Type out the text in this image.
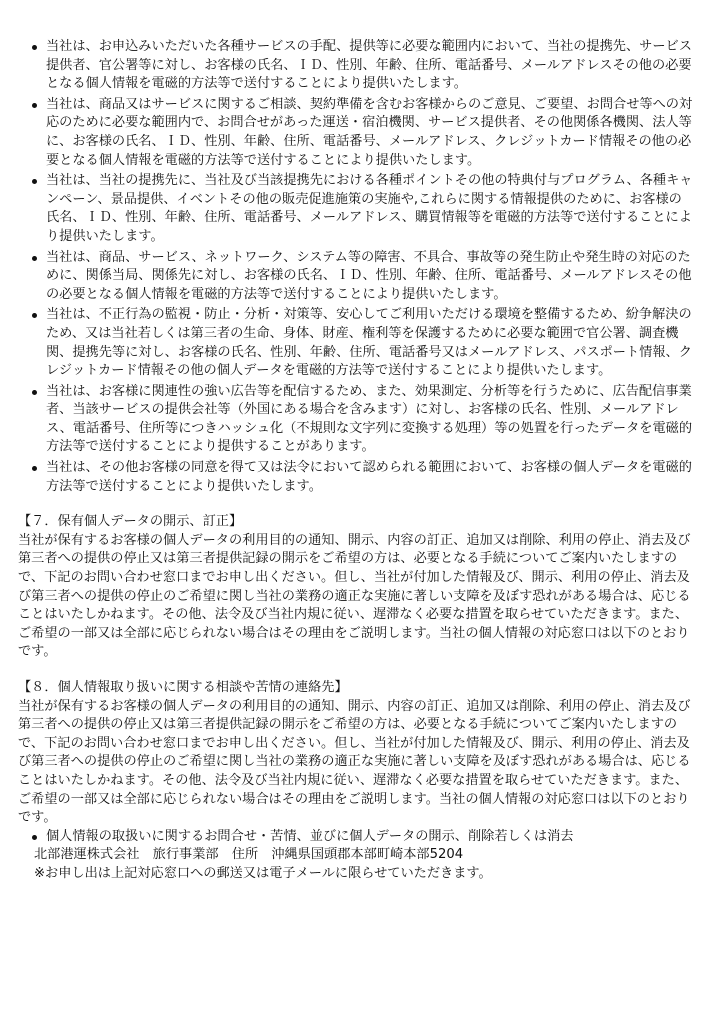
当社は、お申込みいただいた各種サービスの手配、提供等に必要な範囲内において、当社の提携先、サービス提供者、官公署等に対し、お客様の氏名、ＩＤ、性別、年齢、住所、電話番号、メールアドレスその他の必要となる個人情報を電磁的方法等で送付することにより提供いたします。
当社は、商品又はサービスに関するご相談、契約準備を含むお客様からのご意見、ご要望、お問合せ等への対応のために必要な範囲内で、お問合せがあった運送・宿泊機関、サービス提供者、その他関係各機関、法人等に、お客様の氏名、ＩＤ、性別、年齢、住所、電話番号、メールアドレス、クレジットカード情報その他の必要となる個人情報を電磁的方法等で送付することにより提供いたします。
当社は、当社の提携先に、当社及び当該提携先における各種ポイントその他の特典付与プログラム、各種キャンペーン、景品提供、イベントその他の販売促進施策の実施や,これらに関する情報提供のために、お客様の氏名、ＩＤ、性別、年齢、住所、電話番号、メールアドレス、購買情報等を電磁的方法等で送付することにより提供いたします。
当社は、商品、サービス、ネットワーク、システム等の障害、不具合、事故等の発生防止や発生時の対応のために、関係当局、関係先に対し、お客様の氏名、ＩＤ、性別、年齢、住所、電話番号、メールアドレスその他の必要となる個人情報を電磁的方法等で送付することにより提供いたします。
当社は、不正行為の監視・防止・分析・対策等、安心してご利用いただける環境を整備するため、紛争解決のため、又は当社若しくは第三者の生命、身体、財産、権利等を保護するために必要な範囲で官公署、調査機関、提携先等に対し、お客様の氏名、性別、年齢、住所、電話番号又はメールアドレス、パスポート情報、クレジットカード情報その他の個人データを電磁的方法等で送付することにより提供いたします。
当社は、お客様に関連性の強い広告等を配信するため、また、効果測定、分析等を行うために、広告配信事業者、当該サービスの提供会社等（外国にある場合を含みます）に対し、お客様の氏名、性別、メールアドレス、電話番号、住所等につきハッシュ化（不規則な文字列に変換する処理）等の処置を行ったデータを電磁的方法等で送付することにより提供することがあります。
当社は、その他お客様の同意を得て又は法令において認められる範囲において、お客様の個人データを電磁的方法等で送付することにより提供いたします。
【７．保有個人データの開示、訂正】
当社が保有するお客様の個人データの利用目的の通知、開示、内容の訂正、追加又は削除、利用の停止、消去及び第三者への提供の停止又は第三者提供記録の開示をご希望の方は、必要となる手続についてご案内いたしますので、下記のお問い合わせ窓口までお申し出ください。但し、当社が付加した情報及び、開示、利用の停止、消去及び第三者への提供の停止のご希望に関し当社の業務の適正な実施に著しい支障を及ぼす恐れがある場合は、応じることはいたしかねます。その他、法令及び当社内規に従い、遅滞なく必要な措置を取らせていただきます。また、ご希望の一部又は全部に応じられない場合はその理由をご説明します。当社の個人情報の対応窓口は以下のとおりです。
【８．個人情報取り扱いに関する相談や苦情の連絡先】
当社が保有するお客様の個人データの利用目的の通知、開示、内容の訂正、追加又は削除、利用の停止、消去及び第三者への提供の停止又は第三者提供記録の開示をご希望の方は、必要となる手続についてご案内いたしますので、下記のお問い合わせ窓口までお申し出ください。但し、当社が付加した情報及び、開示、利用の停止、消去及び第三者への提供の停止のご希望に関し当社の業務の適正な実施に著しい支障を及ぼす恐れがある場合は、応じることはいたしかねます。その他、法令及び当社内規に従い、遅滞なく必要な措置を取らせていただきます。また、ご希望の一部又は全部に応じられない場合はその理由をご説明します。当社の個人情報の対応窓口は以下のとおりです。
個人情報の取扱いに関するお問合せ・苦情、並びに個人データの開示、削除若しくは消去
北部港運株式会社　旅行事業部　住所　沖縄県国頭郡本部町崎本部5204
※お申し出は上記対応窓口への郵送又は電子メールに限らせていただきます。
